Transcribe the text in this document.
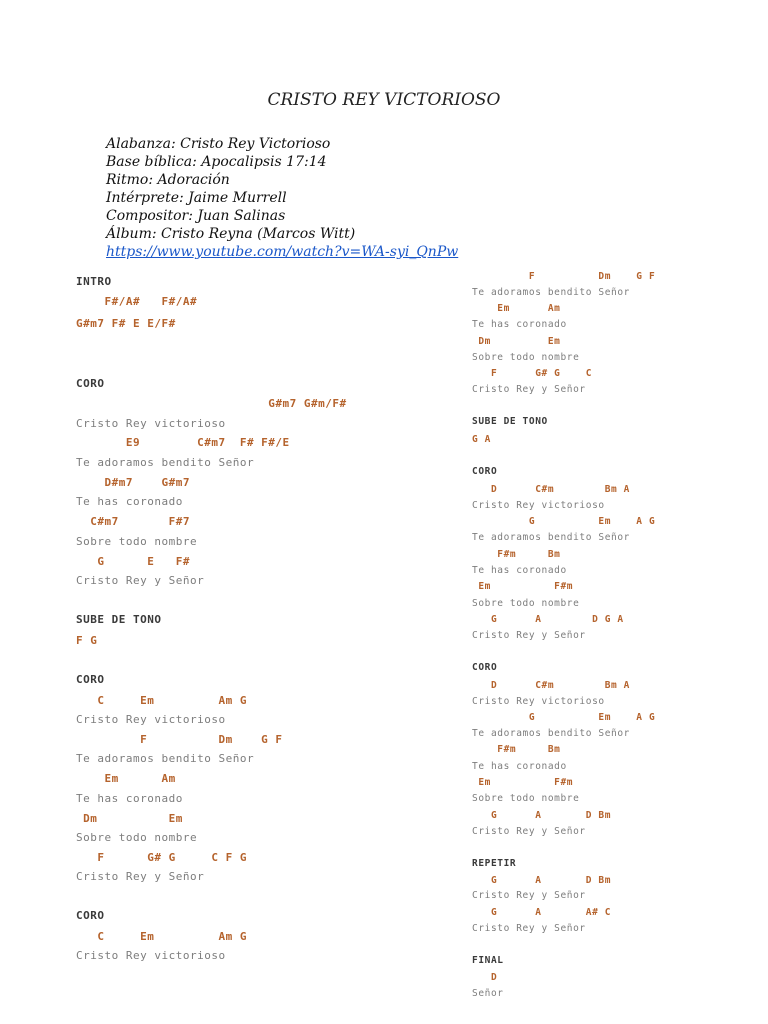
CRISTO REY VICTORIOSO
Alabanza: Cristo Rey Victorioso
Base bíblica: Apocalipsis 17:14
Ritmo: Adoración
Intérprete: Jaime Murrell
Compositor: Juan Salinas
Álbum: Cristo Reyna (Marcos Witt)
https://www.youtube.com/watch?v=WA-syi_QnPw
INTRO
F#/A#   F#/A#
G#m7 F# E E/F#
CORO
G#m7 G#m/F#
Cristo Rey victorioso
E9        C#m7  F# F#/E
Te adoramos bendito Señor
D#m7    G#m7
Te has coronado
C#m7       F#7
Sobre todo nombre
G      E   F#
Cristo Rey y Señor
SUBE DE TONO
F G
CORO
C     Em         Am G
Cristo Rey victorioso
F          Dm    G F
Te adoramos bendito Señor
Em      Am
Te has coronado
Dm          Em
Sobre todo nombre
F      G# G     C F G
Cristo Rey y Señor
CORO
C     Em         Am G
Cristo Rey victorioso
F          Dm    G F
Te adoramos bendito Señor
Em      Am
Te has coronado
Dm         Em
Sobre todo nombre
F      G# G    C
Cristo Rey y Señor
SUBE DE TONO
G A
CORO
D      C#m        Bm A
Cristo Rey victorioso
G          Em    A G
Te adoramos bendito Señor
F#m     Bm
Te has coronado
Em          F#m
Sobre todo nombre
G      A        D G A
Cristo Rey y Señor
CORO
D      C#m        Bm A
Cristo Rey victorioso
G          Em    A G
Te adoramos bendito Señor
F#m     Bm
Te has coronado
Em          F#m
Sobre todo nombre
G      A       D Bm
Cristo Rey y Señor
REPETIR
G      A       D Bm
Cristo Rey y Señor
G      A       A# C
Cristo Rey y Señor
FINAL
D
Señor
